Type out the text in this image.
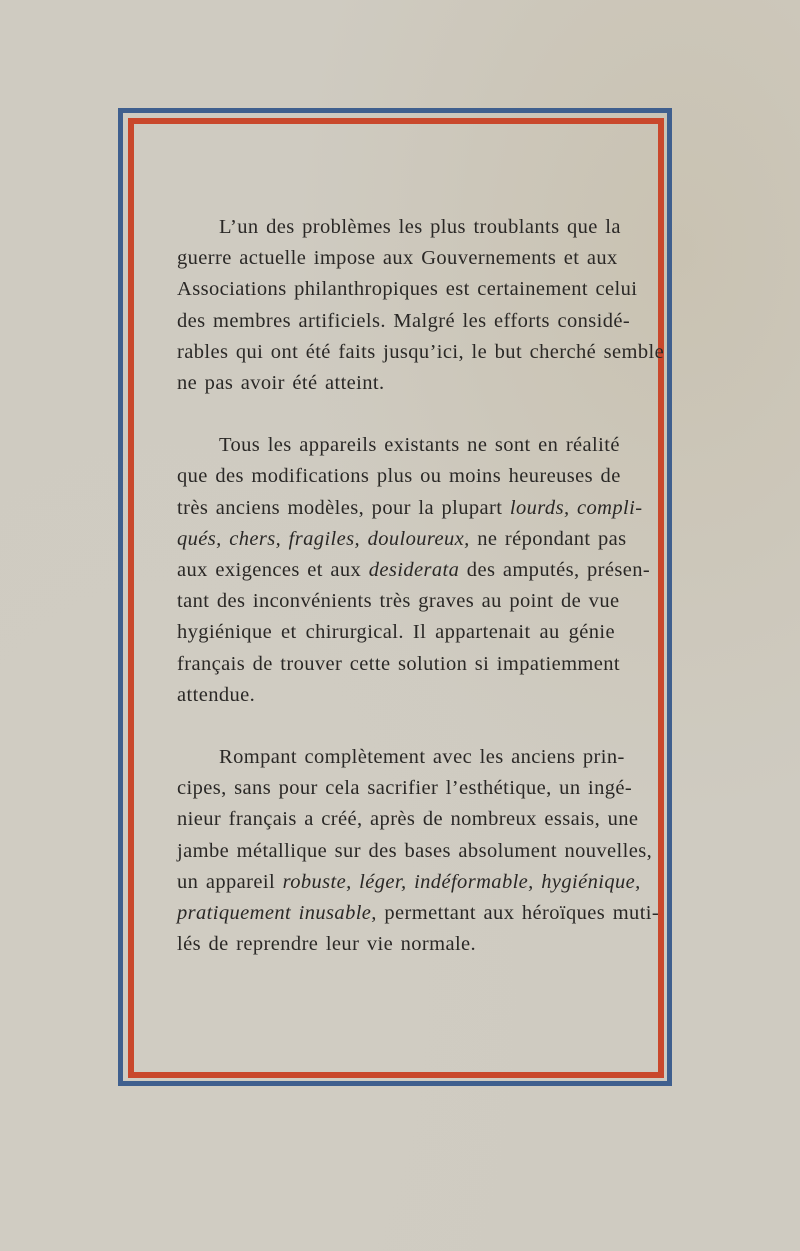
L’un des problèmes les plus troublants que la
guerre actuelle impose aux Gouvernements et aux
Associations philanthropiques est certainement celui
des membres artificiels. Malgré les efforts considé-
rables qui ont été faits jusqu’ici, le but cherché semble
ne pas avoir été atteint.

Tous les appareils existants ne sont en réalité
que des modifications plus ou moins heureuses de
très anciens modèles, pour la plupart lourds, compli-
qués, chers, fragiles, douloureux, ne répondant pas
aux exigences et aux desiderata des amputés, présen-
tant des inconvénients très graves au point de vue
hygiénique et chirurgical. Il appartenait au génie
français de trouver cette solution si impatiemment
attendue.

Rompant complètement avec les anciens prin-
cipes, sans pour cela sacrifier l’esthétique, un ingé-
nieur français a créé, après de nombreux essais, une
jambe métallique sur des bases absolument nouvelles,
un appareil robuste, léger, indéformable, hygiénique,
pratiquement inusable, permettant aux héroïques muti-
lés de reprendre leur vie normale.
